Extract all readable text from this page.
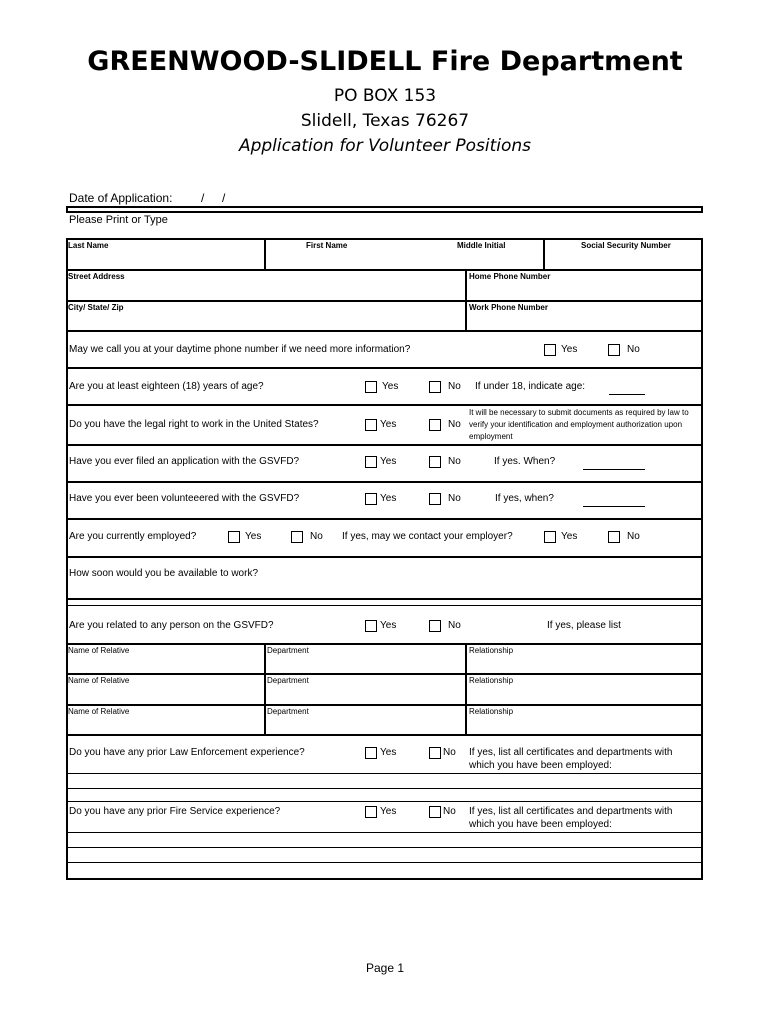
GREENWOOD-SLIDELL Fire Department
PO BOX 153
Slidell, Texas 76267
Application for Volunteer Positions
Date of Application: / /
Please Print or Type
Last Name	First Name	Middle Initial	Social Security Number
Street Address	Home Phone Number
City/ State/ Zip	Work Phone Number
May we call you at your daytime phone number if we need more information?	Yes	No
Are you at least eighteen (18) years of age?	Yes	No If under 18, indicate age:
Do you have the legal right to work in the United States?	Yes	No
It will be necessary to submit documents as required by law to
verify your identification and employment authorization upon
employment
Have you ever filed an application with the GSVFD?	Yes	No	If yes. When?
Have you ever been volunteeered with the GSVFD?	Yes	No	If yes, when?
Are you currently employed?	Yes	No If yes, may we contact your employer?	Yes	No
How soon would you be available to work?
Are you related to any person on the GSVFD?	Yes	No	If yes, please list
Name of Relative	Department	Relationship
Name of Relative	Department	Relationship
Name of Relative	Department	Relationship
Do you have any prior Law Enforcement experience?	Yes	No If yes, list all certificates and departments with
which you have been employed:
Do you have any prior Fire Service experience?	Yes	No If yes, list all certificates and departments with
which you have been employed:
Page 1
